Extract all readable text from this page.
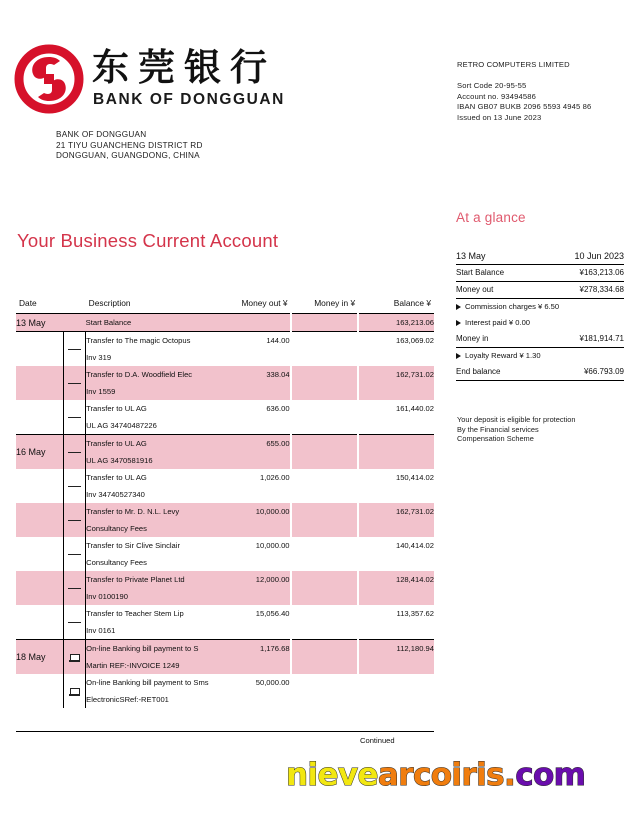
东莞银行
BANK OF DONGGUAN
BANK OF DONGGUAN
21 TIYU GUANCHENG DISTRICT RD
DONGGUAN, GUANGDONG, CHINA
RETRO COMPUTERS LIMITED
Sort Code 20-95-55
Account no. 93494586
IBAN GB07 BUKB 2096 5593 4945 86
Issued on 13 June 2023
Your Business Current Account
Date		Description	Money out ¥	Money in ¥	Balance ¥
13 May		Start Balance			163,213.06
		Transfer to The magic Octopus	144.00		163,069.02
		Inv 319			
		Transfer to D.A. Woodfield Elec	338.04		162,731.02
		Inv 1559			
		Transfer to UL AG	636.00		161,440.02
		UL AG 34740487226			
16 May		Transfer to UL AG	655.00		
		UL AG 3470581916			
		Transfer to UL AG	1,026.00		150,414.02
		Inv 34740527340			
		Transfer to Mr. D. N.L. Levy	10,000.00		162,731.02
		Consultancy Fees			
		Transfer to Sir Clive Sinclair	10,000.00		140,414.02
		Consultancy Fees			
		Transfer to Private Planet Ltd	12,000.00		128,414.02
		Inv 0100190			
		Transfer to Teacher Stem Lip	15,056.40		113,357.62
		Inv 0161			
18 May		On-line Banking bill payment to S	1,176.68		112,180.94
		Martin REF:-INVOICE 1249			

	On-line Banking bill payment to Sms	50,000.00		
		ElectronicSRef:-RET001			
Continued
At a glance
13 May	10 Jun 2023
Start Balance	¥163,213.06
Money out	¥278,334.68
Commission charges ¥ 6.50	
Interest paid ¥ 0.00	
Money in	¥181,914.71
Loyalty Reward ¥ 1.30	
End balance	¥66.793.09
Your deposit is eligible for protection
By the Financial services
Compensation Scheme
nievearcoiris.com
